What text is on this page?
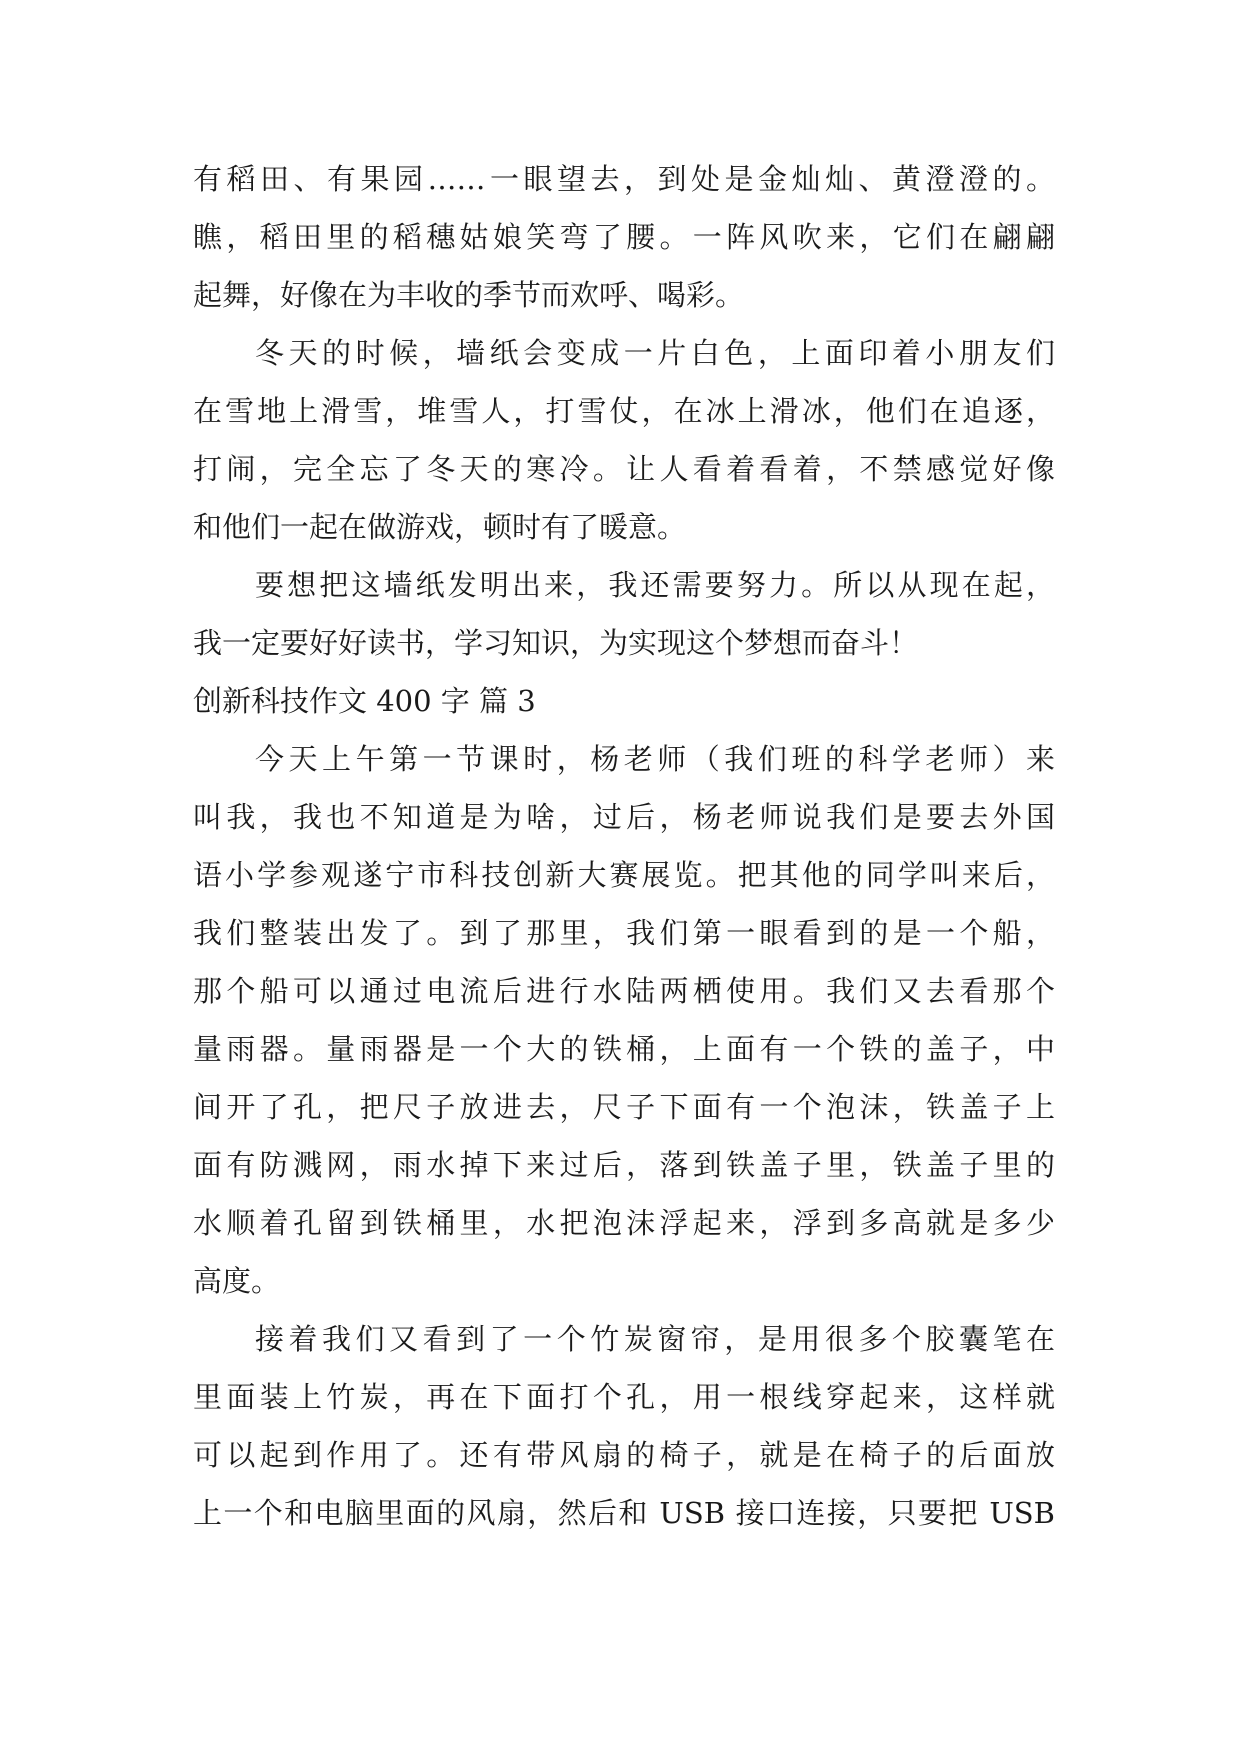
有稻田、有果园……一眼望去，到处是金灿灿、黄澄澄的。
瞧，稻田里的稻穗姑娘笑弯了腰。一阵风吹来，它们在翩翩
起舞，好像在为丰收的季节而欢呼、喝彩。
冬天的时候，墙纸会变成一片白色，上面印着小朋友们
在雪地上滑雪，堆雪人，打雪仗，在冰上滑冰，他们在追逐，
打闹，完全忘了冬天的寒冷。让人看着看着，不禁感觉好像
和他们一起在做游戏，顿时有了暖意。
要想把这墙纸发明出来，我还需要努力。所以从现在起，
我一定要好好读书，学习知识，为实现这个梦想而奋斗！
创新科技作文 400 字 篇 3
今天上午第一节课时，杨老师（我们班的科学老师）来
叫我，我也不知道是为啥，过后，杨老师说我们是要去外国
语小学参观遂宁市科技创新大赛展览。把其他的同学叫来后，
我们整装出发了。到了那里，我们第一眼看到的是一个船，
那个船可以通过电流后进行水陆两栖使用。我们又去看那个
量雨器。量雨器是一个大的铁桶，上面有一个铁的盖子，中
间开了孔，把尺子放进去，尺子下面有一个泡沫，铁盖子上
面有防溅网，雨水掉下来过后，落到铁盖子里，铁盖子里的
水顺着孔留到铁桶里，水把泡沫浮起来，浮到多高就是多少
高度。
接着我们又看到了一个竹炭窗帘，是用很多个胶囊笔在
里面装上竹炭，再在下面打个孔，用一根线穿起来，这样就
可以起到作用了。还有带风扇的椅子，就是在椅子的后面放
上一个和电脑里面的风扇，然后和 USB 接口连接，只要把 USB
